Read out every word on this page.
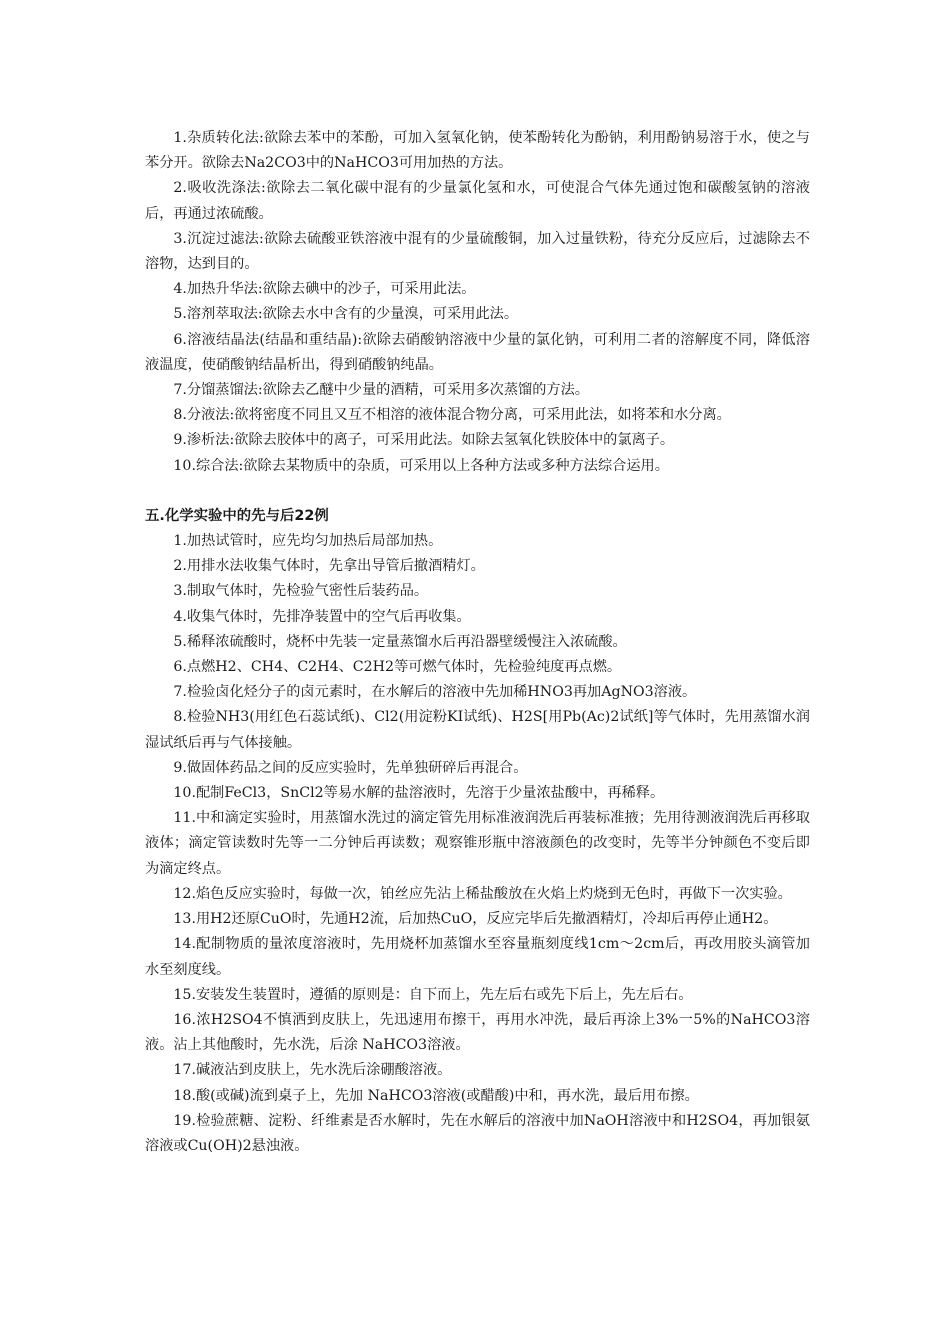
1.杂质转化法:欲除去苯中的苯酚，可加入氢氧化钠，使苯酚转化为酚钠，利用酚钠易溶于水，使之与苯分开。欲除去Na2CO3中的NaHCO3可用加热的方法。

2.吸收洗涤法:欲除去二氧化碳中混有的少量氯化氢和水，可使混合气体先通过饱和碳酸氢钠的溶液后，再通过浓硫酸。

3.沉淀过滤法:欲除去硫酸亚铁溶液中混有的少量硫酸铜，加入过量铁粉，待充分反应后，过滤除去不溶物，达到目的。

4.加热升华法:欲除去碘中的沙子，可采用此法。

5.溶剂萃取法:欲除去水中含有的少量溴，可采用此法。

6.溶液结晶法(结晶和重结晶):欲除去硝酸钠溶液中少量的氯化钠，可利用二者的溶解度不同，降低溶液温度，使硝酸钠结晶析出，得到硝酸钠纯晶。

7.分馏蒸馏法:欲除去乙醚中少量的酒精，可采用多次蒸馏的方法。

8.分液法:欲将密度不同且又互不相溶的液体混合物分离，可采用此法，如将苯和水分离。

9.渗析法:欲除去胶体中的离子，可采用此法。如除去氢氧化铁胶体中的氯离子。

10.综合法:欲除去某物质中的杂质，可采用以上各种方法或多种方法综合运用。

五.化学实验中的先与后22例

1.加热试管时，应先均匀加热后局部加热。

2.用排水法收集气体时，先拿出导管后撤酒精灯。

3.制取气体时，先检验气密性后装药品。

4.收集气体时，先排净装置中的空气后再收集。

5.稀释浓硫酸时，烧杯中先装一定量蒸馏水后再沿器壁缓慢注入浓硫酸。

6.点燃H2、CH4、C2H4、C2H2等可燃气体时，先检验纯度再点燃。

7.检验卤化烃分子的卤元素时，在水解后的溶液中先加稀HNO3再加AgNO3溶液。

8.检验NH3(用红色石蕊试纸)、Cl2(用淀粉KI试纸)、H2S[用Pb(Ac)2试纸]等气体时，先用蒸馏水润湿试纸后再与气体接触。

9.做固体药品之间的反应实验时，先单独研碎后再混合。

10.配制FeCl3，SnCl2等易水解的盐溶液时，先溶于少量浓盐酸中，再稀释。

11.中和滴定实验时，用蒸馏水洗过的滴定管先用标准液润洗后再装标准掖；先用待测液润洗后再移取液体；滴定管读数时先等一二分钟后再读数；观察锥形瓶中溶液颜色的改变时，先等半分钟颜色不变后即为滴定终点。

12.焰色反应实验时，每做一次，铂丝应先沾上稀盐酸放在火焰上灼烧到无色时，再做下一次实验。

13.用H2还原CuO时，先通H2流，后加热CuO，反应完毕后先撤酒精灯，冷却后再停止通H2。

14.配制物质的量浓度溶液时，先用烧杯加蒸馏水至容量瓶刻度线1cm～2cm后，再改用胶头滴管加水至刻度线。

15.安装发生装置时，遵循的原则是：自下而上，先左后右或先下后上，先左后右。

16.浓H2SO4不慎洒到皮肤上，先迅速用布擦干，再用水冲洗，最后再涂上3%一5%的NaHCO3溶液。沾上其他酸时，先水洗，后涂 NaHCO3溶液。

17.碱液沾到皮肤上，先水洗后涂硼酸溶液。

18.酸(或碱)流到桌子上，先加 NaHCO3溶液(或醋酸)中和，再水洗，最后用布擦。

19.检验蔗糖、淀粉、纤维素是否水解时，先在水解后的溶液中加NaOH溶液中和H2SO4，再加银氨溶液或Cu(OH)2悬浊液。
